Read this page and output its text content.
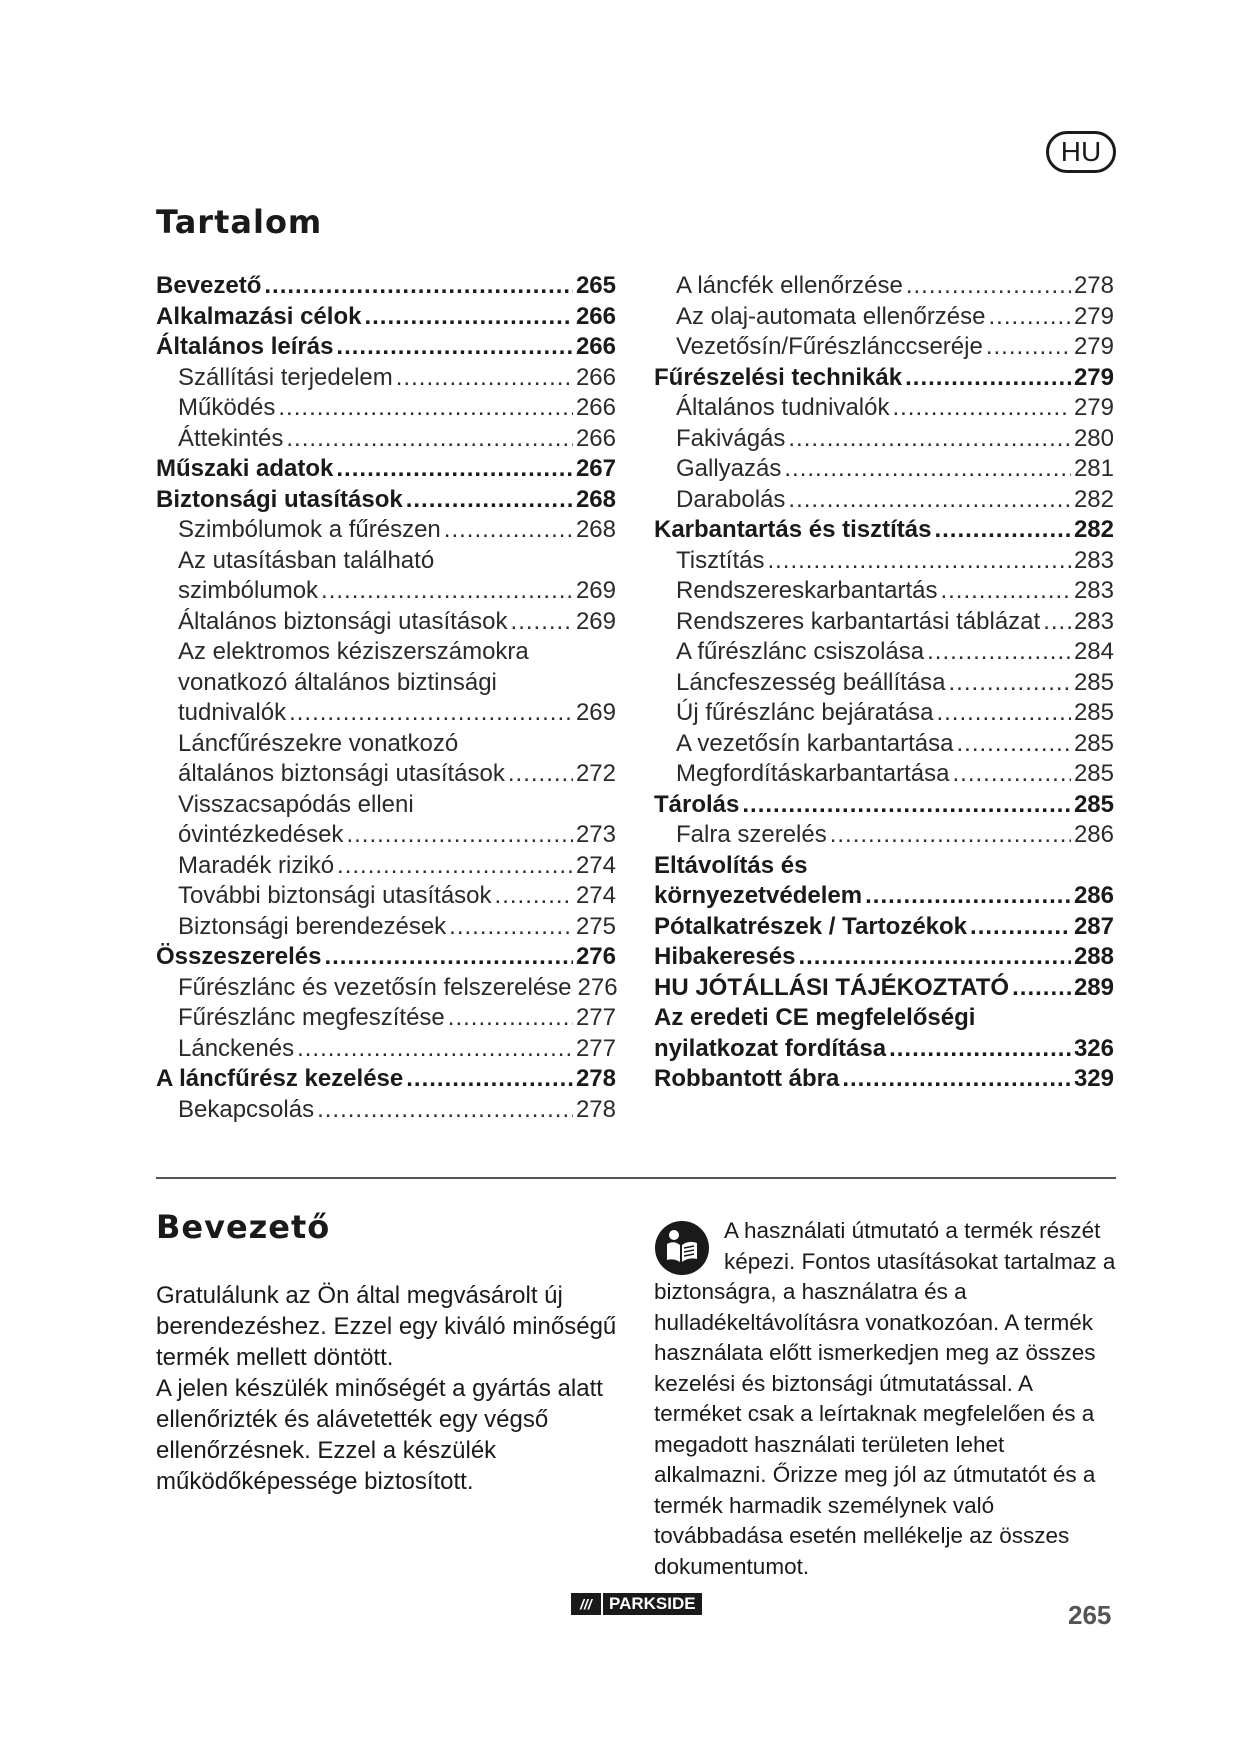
HU
Tartalom
Bevezető .....	265
Alkalmazási célok .....	266
Általános leírás .....	266
Szállítási terjedelem .....	266
Működés .....	266
Áttekintés .....	266
Műszaki adatok .....	267
Biztonsági utasítások .....	268
Szimbólumok a fűrészen .....	268
Az utasításban található
szimbólumok .....	269
Általános biztonsági utasítások .....	269
Az elektromos kéziszerszámokra
vonatkozó általános biztinsági
tudnivalók .....	269
Láncfűrészekre vonatkozó
általános biztonsági utasítások .....	272
Visszacsapódás elleni
óvintézkedések .....	273
Maradék rizikó .....	274
További biztonsági utasítások .....	274
Biztonsági berendezések .....	275
Összeszerelés .....	276
Fűrészlánc és vezetősín felszerelése 276
Fűrészlánc megfeszítése .....	277
Lánckenés .....	277
A láncfűrész kezelése .....	278
Bekapcsolás .....	278
A láncfék ellenőrzése .....	278
Az olaj-automata ellenőrzése .....	279
Vezetősín/Fűrészlánccseréje .....	279
Fűrészelési technikák .....	279
Általános tudnivalók .....	279
Fakivágás .....	280
Gallyazás .....	281
Darabolás .....	282
Karbantartás és tisztítás .....	282
Tisztítás .....	283
Rendszereskarbantartás .....	283
Rendszeres karbantartási táblázat ..... 283
A fűrészlánc csiszolása .....	284
Láncfeszesség beállítása .....	285
Új fűrészlánc bejáratása .....	285
A vezetősín karbantartása .....	285
Megfordításkarbantartása .....	285
Tárolás .....	285
Falra szerelés .....	286
Eltávolítás és
környezetvédelem .....	286
Pótalkatrészek / Tartozékok .....	287
Hibakeresés .....	288
HU JÓTÁLLÁSI TÁJÉKOZTATÓ .....	289
Az eredeti CE megfelelőségi
nyilatkozat fordítása .....	326
Robbantott ábra .....	329
Bevezető

Gratulálunk az Ön által megvásárolt új berendezéshez. Ezzel egy kiváló minőségű termék mellett döntött.

A jelen készülék minőségét a gyártás alatt ellenőrizték és alávetették egy végső ellenőrzésnek. Ezzel a készülék működőképessége biztosított.

A használati útmutató a termék részét képezi. Fontos utasításokat tartalmaz a biztonságra, a használatra és a hulladékeltávolításra vonatkozóan. A termék használata előtt ismerkedjen meg az összes kezelési és biztonsági útmutatással. A terméket csak a leírtaknak megfelelően és a megadott használati területen lehet alkalmazni. Őrizze meg jól az útmutatót és a termék harmadik személynek való továbbadása esetén mellékelje az összes dokumentumot.
///	PARKSIDE	265
